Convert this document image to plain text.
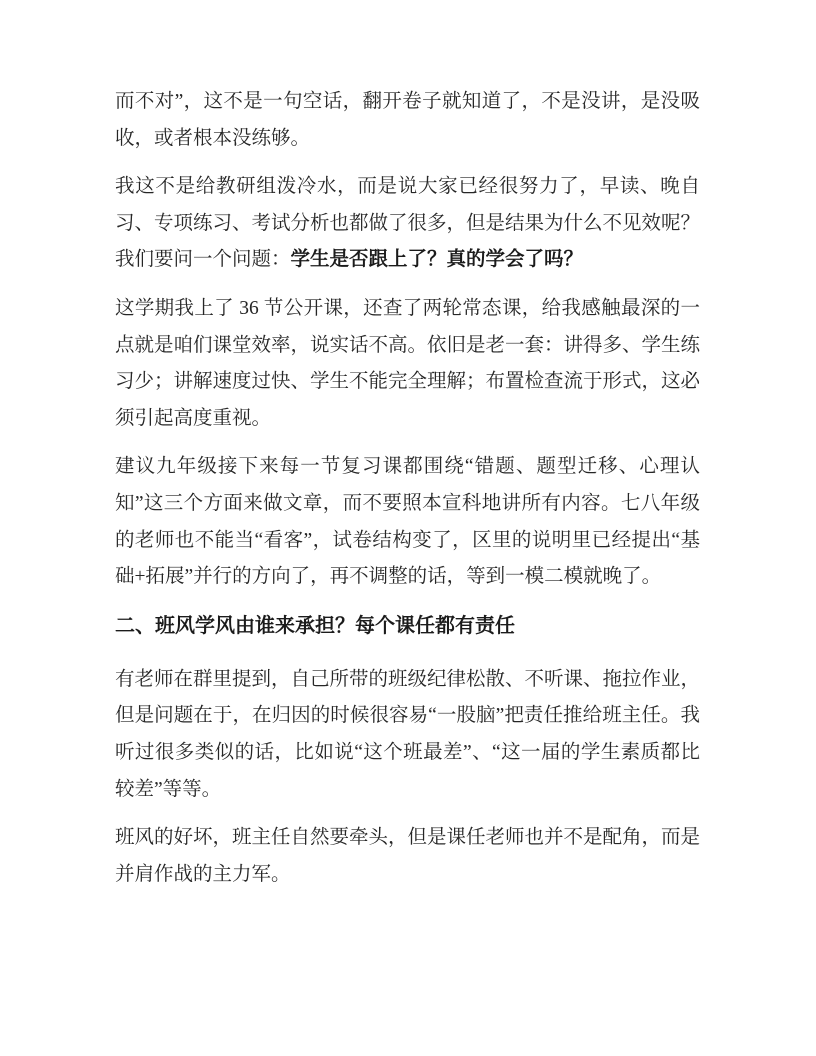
而不对”，这不是一句空话，翻开卷子就知道了，不是没讲，是没吸收，或者根本没练够。

我这不是给教研组泼冷水，而是说大家已经很努力了，早读、晚自习、专项练习、考试分析也都做了很多，但是结果为什么不见效呢？我们要问一个问题：学生是否跟上了？真的学会了吗？

这学期我上了 36 节公开课，还查了两轮常态课，给我感触最深的一点就是咱们课堂效率，说实话不高。依旧是老一套：讲得多、学生练习少；讲解速度过快、学生不能完全理解；布置检查流于形式，这必须引起高度重视。

建议九年级接下来每一节复习课都围绕“错题、题型迁移、心理认知”这三个方面来做文章，而不要照本宣科地讲所有内容。七八年级的老师也不能当“看客”，试卷结构变了，区里的说明里已经提出“基础+拓展”并行的方向了，再不调整的话，等到一模二模就晚了。

二、班风学风由谁来承担？每个课任都有责任

有老师在群里提到，自己所带的班级纪律松散、不听课、拖拉作业，但是问题在于，在归因的时候很容易“一股脑”把责任推给班主任。我听过很多类似的话，比如说“这个班最差”、“这一届的学生素质都比较差”等等。

班风的好坏，班主任自然要牵头，但是课任老师也并不是配角，而是并肩作战的主力军。
